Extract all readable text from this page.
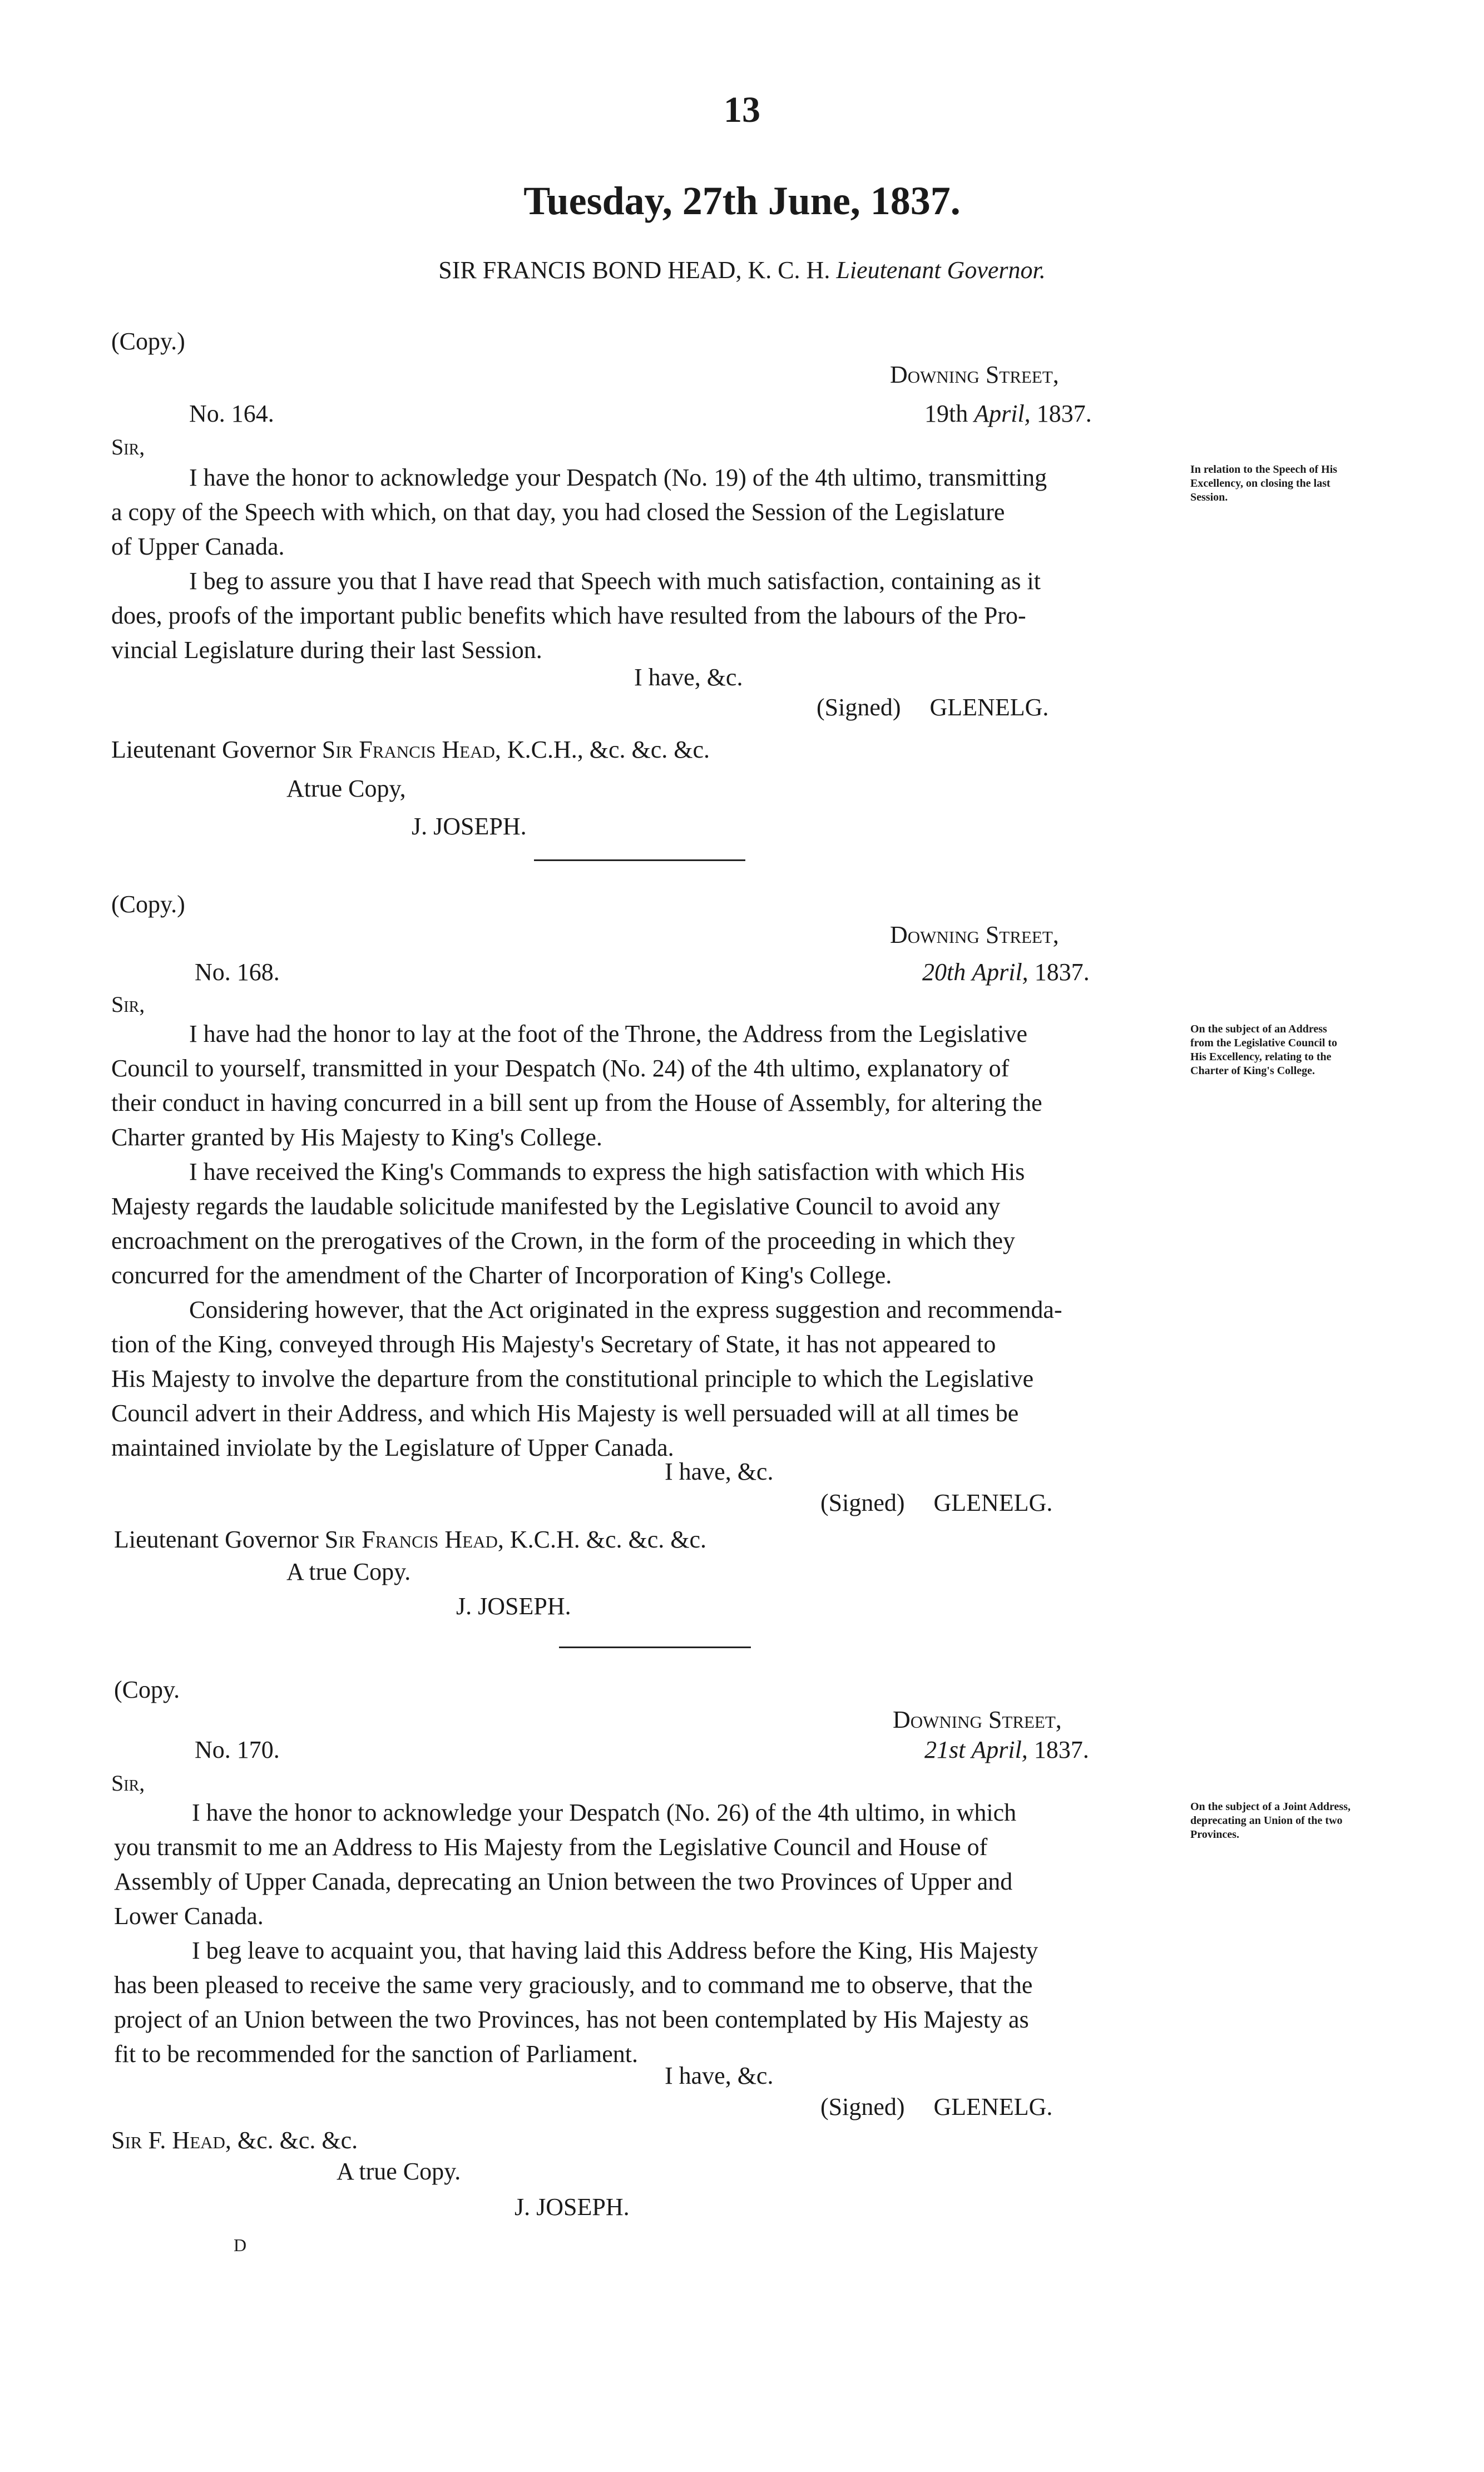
13
Tuesday, 27th June, 1837.
SIR FRANCIS BOND HEAD, K. C. H. Lieutenant Governor.
(Copy.)
Downing Street,
No. 164.	19th April, 1837.
Sir,
I have the honor to acknowledge your Despatch (No. 19) of the 4th ultimo, transmitting
a copy of the Speech with which, on that day, you had closed the Session of the Legislature
of Upper Canada.
I beg to assure you that I have read that Speech with much satisfaction, containing as it
does, proofs of the important public benefits which have resulted from the labours of the Pro-
vincial Legislature during their last Session.
In relation to the Speech of His Excellency, on closing the last Session.
I have, &c.
(Signed) GLENELG.
Lieutenant Governor Sir Francis Head, K.C.H., &c. &c. &c.
Atrue Copy,
J. JOSEPH.
(Copy.)
Downing Street,
No. 168.	20th April, 1837.
Sir,
I have had the honor to lay at the foot of the Throne, the Address from the Legislative
Council to yourself, transmitted in your Despatch (No. 24) of the 4th ultimo, explanatory of
their conduct in having concurred in a bill sent up from the House of Assembly, for altering the
Charter granted by His Majesty to King's College.
I have received the King's Commands to express the high satisfaction with which His
Majesty regards the laudable solicitude manifested by the Legislative Council to avoid any
encroachment on the prerogatives of the Crown, in the form of the proceeding in which they
concurred for the amendment of the Charter of Incorporation of King's College.
Considering however, that the Act originated in the express suggestion and recommenda-
tion of the King, conveyed through His Majesty's Secretary of State, it has not appeared to
His Majesty to involve the departure from the constitutional principle to which the Legislative
Council advert in their Address, and which His Majesty is well persuaded will at all times be
maintained inviolate by the Legislature of Upper Canada.
On the subject of an Address from the Legislative Council to His Excellency, relating to the Charter of King's College.
I have, &c.
(Signed) GLENELG.
Lieutenant Governor Sir Francis Head, K.C.H. &c. &c. &c.
A true Copy.
J. JOSEPH.
(Copy.
Downing Street,
No. 170.	21st April, 1837.
Sir,
I have the honor to acknowledge your Despatch (No. 26) of the 4th ultimo, in which
you transmit to me an Address to His Majesty from the Legislative Council and House of
Assembly of Upper Canada, deprecating an Union between the two Provinces of Upper and
Lower Canada.
I beg leave to acquaint you, that having laid this Address before the King, His Majesty
has been pleased to receive the same very graciously, and to command me to observe, that the
project of an Union between the two Provinces, has not been contemplated by His Majesty as
fit to be recommended for the sanction of Parliament.
On the subject of a Joint Address, deprecating an Union of the two Provinces.
I have, &c.
(Signed) GLENELG.
Sir F. Head, &c. &c. &c.
A true Copy.
J. JOSEPH.
D
